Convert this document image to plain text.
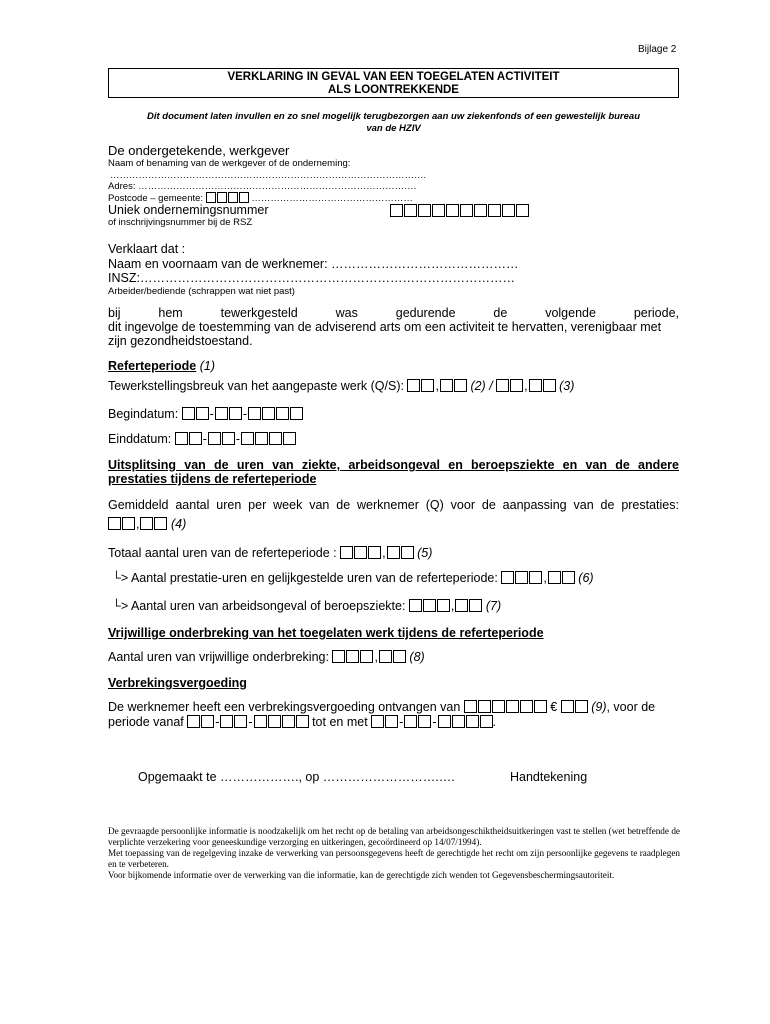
Bijlage 2
VERKLARING IN GEVAL VAN EEN TOEGELATEN ACTIVITEIT
ALS LOONTREKKENDE
Dit document laten invullen en zo snel mogelijk terugbezorgen aan uw ziekenfonds of een gewestelijk bureau
van de HZIV
De ondergetekende, werkgever
Naam of benaming van de werkgever of de onderneming:
……………………………………………………………………………………….
Adres: …………………………………………………………………………….
Postcode – gemeente:	……………………………………………
Uniek ondernemingsnummer
of inschrijvingsnummer bij de RSZ
Verklaart dat :
Naam en voornaam van de werknemer: ………………………………………
INSZ:………………………………………………………………………………
Arbeider/bediende (schrappen wat niet past)
bij hem tewerkgesteld was gedurende de volgende periode,
dit ingevolge de toestemming van de adviserend arts om een activiteit te hervatten, verenigbaar met
zijn gezondheidstoestand.
Referteperiode (1)
Tewerkstellingsbreuk van het aangepaste werk (Q/S):	,	(2) /	,	(3)
Begindatum:	- -
Einddatum:	- -
Uitsplitsing van de uren van ziekte, arbeidsongeval en beroepsziekte en van de andere
prestaties tijdens de referteperiode
Gemiddeld aantal uren per week van de werknemer (Q) voor de aanpassing van de prestaties:
,	(4)
Totaal aantal uren van de referteperiode :	,	(5)
└> Aantal prestatie-uren en gelijkgestelde uren van de referteperiode:	,	(6)
└> Aantal uren van arbeidsongeval of beroepsziekte:	,	(7)
Vrijwillige onderbreking van het toegelaten werk tijdens de referteperiode
Aantal uren van vrijwillige onderbreking:	,	(8)
Verbrekingsvergoeding
De werknemer heeft een verbrekingsvergoeding ontvangen van	€	(9), voor de
periode vanaf	- -	tot en met	- -	.
Opgemaakt te ………………., op ……………………….….	Handtekening

De gevraagde persoonlijke informatie is noodzakelijk om het recht op de betaling van arbeidsongeschiktheidsuitkeringen vast te stellen (wet betreffende de verplichte verzekering voor geneeskundige verzorging en uitkeringen, gecoördineerd op 14/07/1994).

Met toepassing van de regelgeving inzake de verwerking van persoonsgegevens heeft de gerechtigde het recht om zijn persoonlijke gegevens te raadplegen en te verbeteren.

Voor bijkomende informatie over de verwerking van die informatie, kan de gerechtigde zich wenden tot Gegevensbeschermingsautoriteit.
